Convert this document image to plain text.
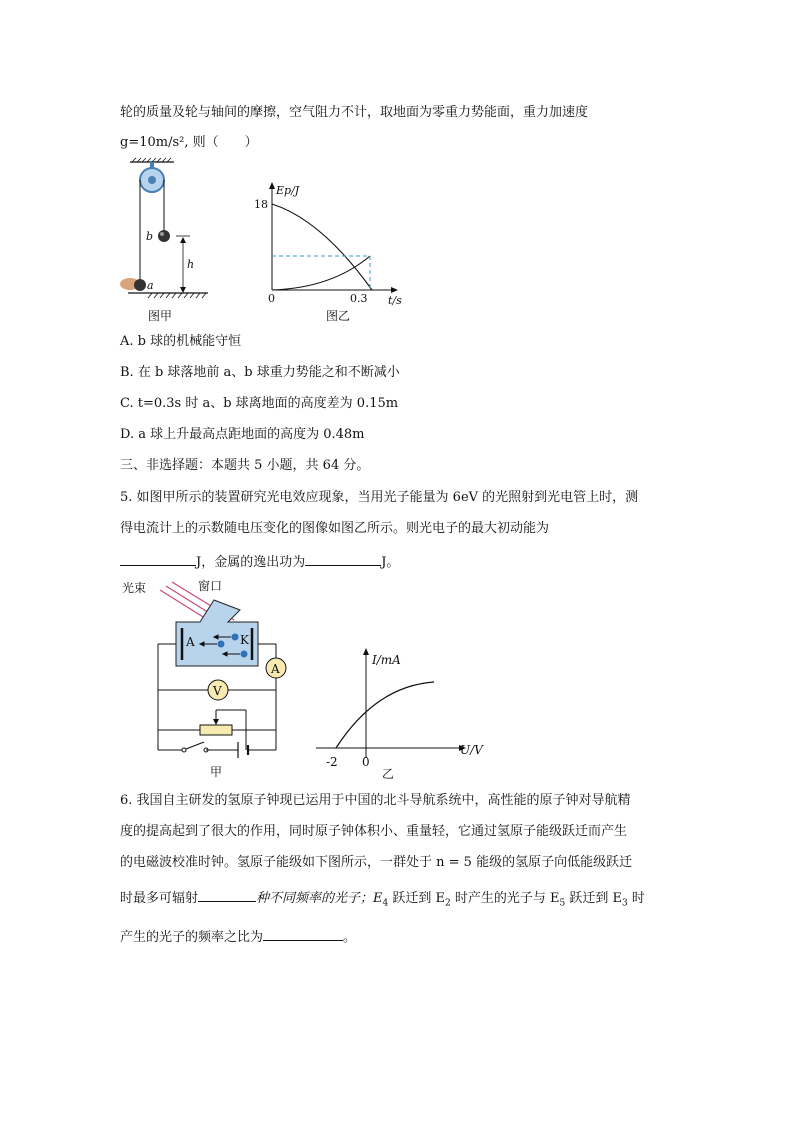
轮的质量及轮与轴间的摩擦，空气阻力不计，取地面为零重力势能面，重力加速度
g=10m/s², 则（　　）
b
h
a
图甲
Ep/J
t/s
18
0	0.3
图乙
A. b 球的机械能守恒
B. 在 b 球落地前 a、b 球重力势能之和不断减小
C. t=0.3s 时 a、b 球离地面的高度差为 0.15m
D. a 球上升最高点距地面的高度为 0.48m
三、非选择题：本题共 5 小题，共 64 分。
5. 如图甲所示的装置研究光电效应现象，当用光子能量为 6eV 的光照射到光电管上时，测
得电流计上的示数随电压变化的图像如图乙所示。则光电子的最大初动能为
J，金属的逸出功为	J。
光束	窗口
A	K
A
V
甲
I/mA
U/V
-2 0
乙
6. 我国自主研发的氢原子钟现已运用于中国的北斗导航系统中，高性能的原子钟对导航精
度的提高起到了很大的作用，同时原子钟体积小、重量轻，它通过氢原子能级跃迁而产生
的电磁波校准时钟。氢原子能级如下图所示，一群处于 n = 5 能级的氢原子向低能级跃迁
时最多可辐射	种不同频率的光子；$E_4$ 跃迁到 $E_2$ 时产生的光子与 $E_5$ 跃迁到 $E_3$ 时
产生的光子的频率之比为	。
